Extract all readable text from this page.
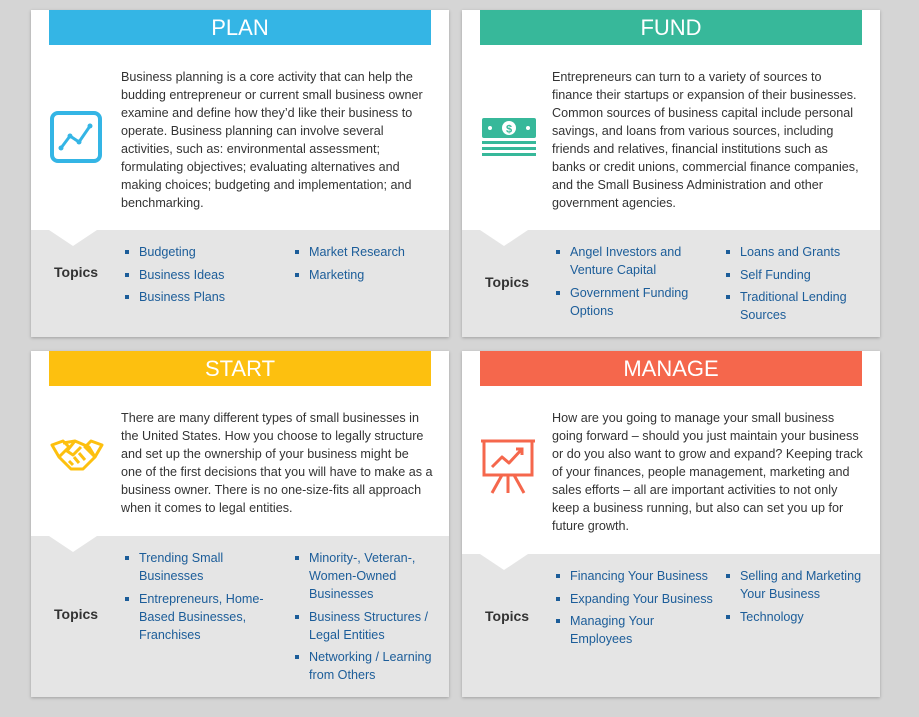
PLAN

Business planning is a core activity that can help the budding entrepreneur or current small business owner examine and define how they’d like their business to operate. Business planning can involve several activities, such as: environmental assessment; formulating objectives; evaluating alternatives and making choices; budgeting and implementation; and benchmarking.

Topics
Budgeting
Business Ideas
Business Plans
Market Research
Marketing
FUND
$

Entrepreneurs can turn to a variety of sources to finance their startups or expansion of their businesses. Common sources of business capital include personal savings, and loans from various sources, including friends and relatives, financial institutions such as banks or credit unions, commercial finance companies, and the Small Business Administration and other government agencies.

Topics
Angel Investors and Venture Capital
Government Funding Options
Loans and Grants
Self Funding
Traditional Lending Sources
START

There are many different types of small businesses in the United States. How you choose to legally structure and set up the ownership of your business might be one of the first decisions that you will have to make as a business owner. There is no one-size-fits all approach when it comes to legal entities.

Topics
Trending Small Businesses
Entrepreneurs, Home-Based Businesses, Franchises
Minority-, Veteran-, Women-Owned Businesses
Business Structures / Legal Entities
Networking / Learning from Others
MANAGE

How are you going to manage your small business going forward – should you just maintain your business or do you also want to grow and expand? Keeping track of your finances, people management, marketing and sales efforts – all are important activities to not only keep a business running, but also can set you up for future growth.

Topics
Financing Your Business
Expanding Your Business
Managing Your Employees
Selling and Marketing Your Business
Technology
